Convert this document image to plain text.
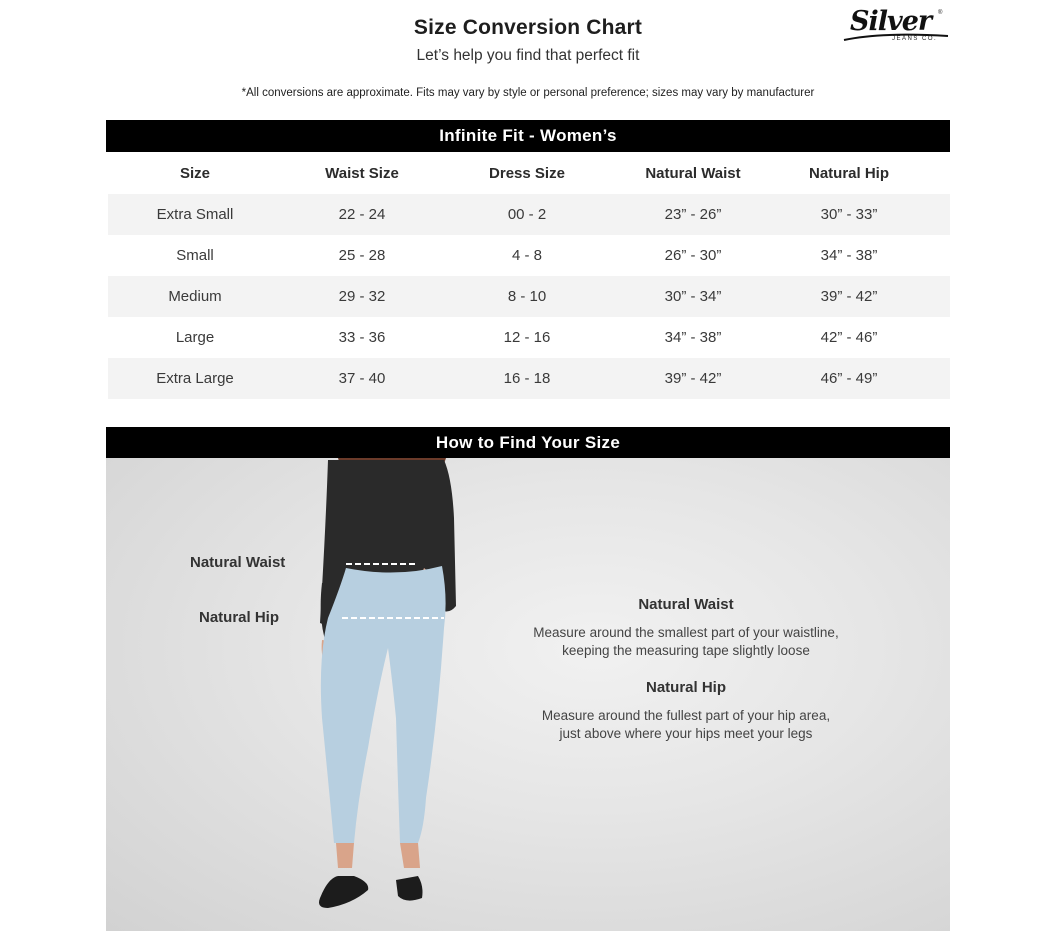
Size Conversion Chart
Let’s help you find that perfect fit
*All conversions are approximate. Fits may vary by style or personal preference; sizes may vary by manufacturer
Silver ®
JEANS CO.
Infinite Fit - Women’s
Size	Waist Size	Dress Size	Natural Waist	Natural Hip
Extra Small	22 - 24	00 - 2	23” - 26”	30” - 33”
Small	25 - 28	4 - 8	26” - 30”	34” - 38”
Medium	29 - 32	8 - 10	30” - 34”	39” - 42”
Large	33 - 36	12 - 16	34” - 38”	42” - 46”
Extra Large	37 - 40	16 - 18	39” - 42”	46” - 49”
How to Find Your Size
Natural Waist
Natural Hip
Natural Waist
Measure around the smallest part of your waistline,
keeping the measuring tape slightly loose
Natural Hip
Measure around the fullest part of your hip area,
just above where your hips meet your legs
